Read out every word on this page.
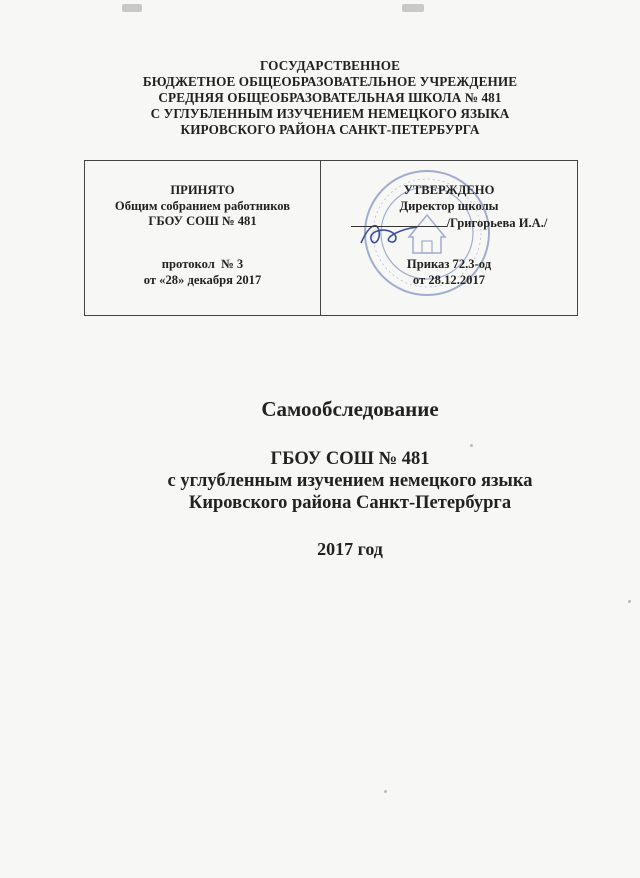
ГОСУДАРСТВЕННОЕ
БЮДЖЕТНОЕ ОБЩЕОБРАЗОВАТЕЛЬНОЕ УЧРЕЖДЕНИЕ
СРЕДНЯЯ ОБЩЕОБРАЗОВАТЕЛЬНАЯ ШКОЛА № 481
С УГЛУБЛЕННЫМ ИЗУЧЕНИЕМ НЕМЕЦКОГО ЯЗЫКА
КИРОВСКОГО РАЙОНА САНКТ-ПЕТЕРБУРГА
ПРИНЯТО
Общим собранием работников
ГБОУ СОШ № 481
протокол  № 3
от «28» декабря 2017
УТВЕРЖДЕНО
Директор школы
/Григорьева И.А./
Приказ 72.3-од
от 28.12.2017
Самообследование
ГБОУ СОШ № 481
с углубленным изучением немецкого языка
Кировского района Санкт-Петербурга
2017 год
